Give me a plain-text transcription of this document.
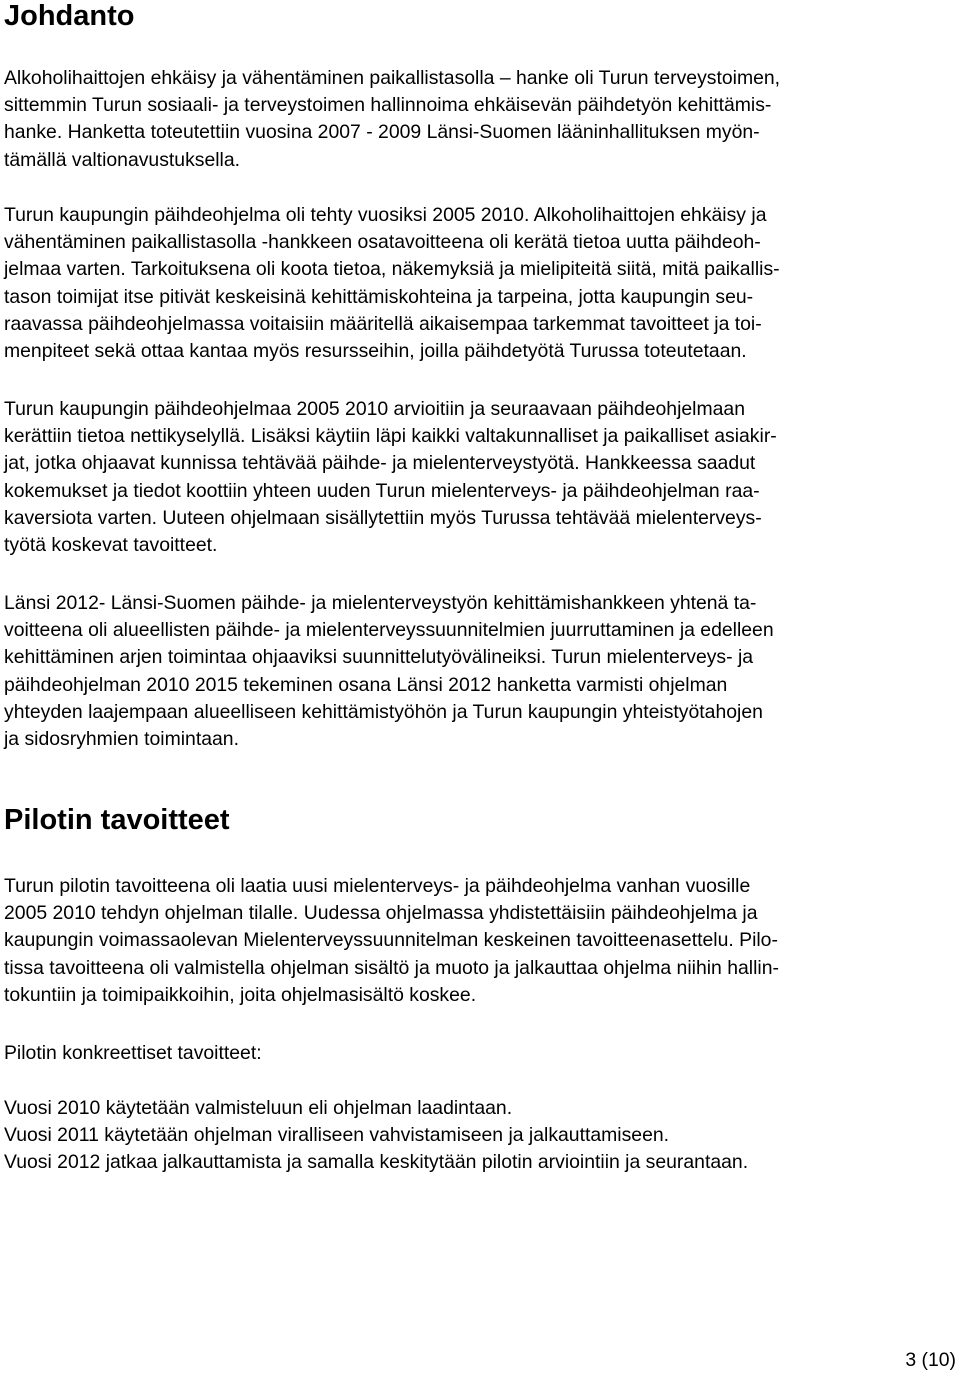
Johdanto

Alkoholihaittojen ehkäisy ja vähentäminen paikallistasolla – hanke oli Turun terveystoimen,

sittemmin Turun sosiaali- ja terveystoimen hallinnoima ehkäisevän päihdetyön kehittämis-

hanke. Hanketta toteutettiin vuosina 2007 - 2009 Länsi-Suomen lääninhallituksen myön-

tämällä valtionavustuksella.

Turun kaupungin päihdeohjelma oli tehty vuosiksi 2005 2010. Alkoholihaittojen ehkäisy ja

vähentäminen paikallistasolla -hankkeen osatavoitteena oli kerätä tietoa uutta päihdeoh-

jelmaa varten. Tarkoituksena oli koota tietoa, näkemyksiä ja mielipiteitä siitä, mitä paikallis-

tason toimijat itse pitivät keskeisinä kehittämiskohteina ja tarpeina, jotta kaupungin seu-

raavassa päihdeohjelmassa voitaisiin määritellä aikaisempaa tarkemmat tavoitteet ja toi-

menpiteet sekä ottaa kantaa myös resursseihin, joilla päihdetyötä Turussa toteutetaan.

Turun kaupungin päihdeohjelmaa 2005 2010 arvioitiin ja seuraavaan päihdeohjelmaan

kerättiin tietoa nettikyselyllä. Lisäksi käytiin läpi kaikki valtakunnalliset ja paikalliset asiakir-

jat, jotka ohjaavat kunnissa tehtävää päihde- ja mielenterveystyötä. Hankkeessa saadut

kokemukset ja tiedot koottiin yhteen uuden Turun mielenterveys- ja päihdeohjelman raa-

kaversiota varten. Uuteen ohjelmaan sisällytettiin myös Turussa tehtävää mielenterveys-

työtä koskevat tavoitteet.

Länsi 2012- Länsi-Suomen päihde- ja mielenterveystyön kehittämishankkeen yhtenä ta-

voitteena oli alueellisten päihde- ja mielenterveyssuunnitelmien juurruttaminen ja edelleen

kehittäminen arjen toimintaa ohjaaviksi suunnittelutyövälineiksi. Turun mielenterveys- ja

päihdeohjelman 2010 2015 tekeminen osana Länsi 2012 hanketta varmisti ohjelman

yhteyden laajempaan alueelliseen kehittämistyöhön ja Turun kaupungin yhteistyötahojen

ja sidosryhmien toimintaan.

Pilotin tavoitteet

Turun pilotin tavoitteena oli laatia uusi mielenterveys- ja päihdeohjelma vanhan vuosille

2005 2010 tehdyn ohjelman tilalle. Uudessa ohjelmassa yhdistettäisiin päihdeohjelma ja

kaupungin voimassaolevan Mielenterveyssuunnitelman keskeinen tavoitteenasettelu. Pilo-

tissa tavoitteena oli valmistella ohjelman sisältö ja muoto ja jalkauttaa ohjelma niihin hallin-

tokuntiin ja toimipaikkoihin, joita ohjelmasisältö koskee.

Pilotin konkreettiset tavoitteet:

Vuosi 2010 käytetään valmisteluun eli ohjelman laadintaan.

Vuosi 2011 käytetään ohjelman viralliseen vahvistamiseen ja jalkauttamiseen.

Vuosi 2012 jatkaa jalkauttamista ja samalla keskitytään pilotin arviointiin ja seurantaan.

3 (10)
